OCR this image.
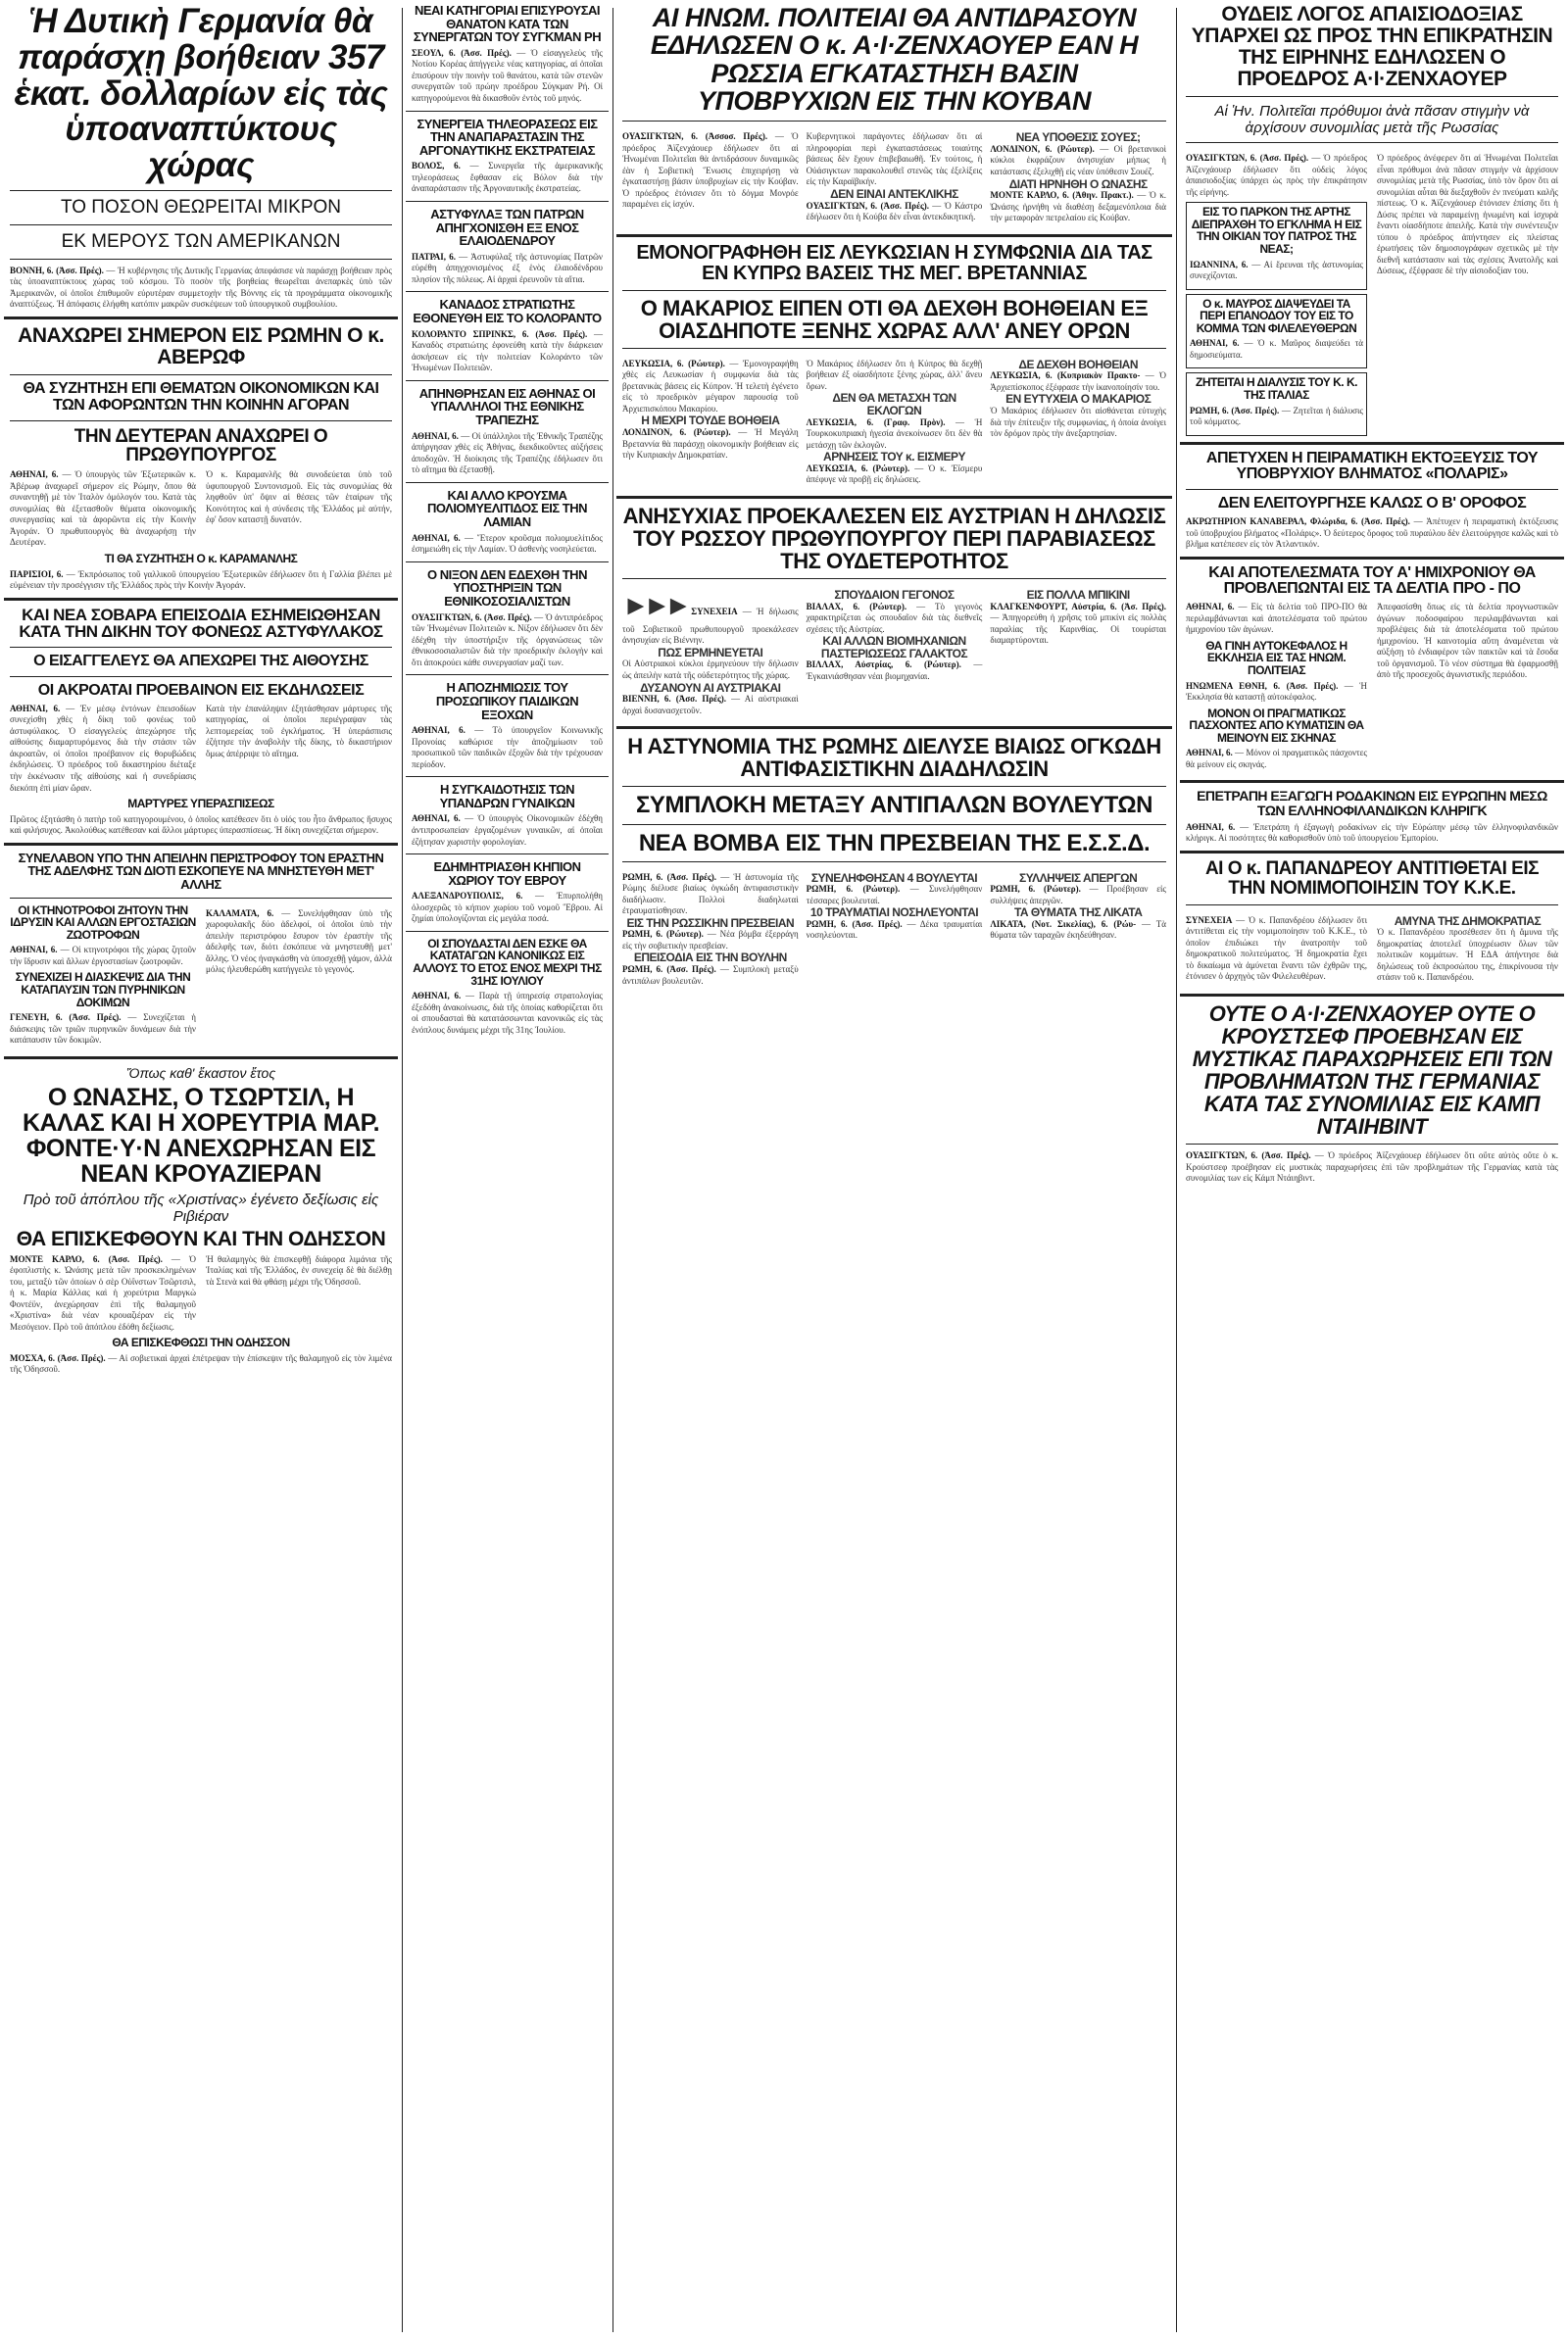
Ἡ Δυτικὴ Γερμανία θὰ παράσχῃ βοήθειαν 357 ἑκατ. δολλαρίων εἰς τὰς ὑποαναπτύκτους χώρας
ΤΟ ΠΟΣΟΝ ΘΕΩΡΕΙΤΑΙ ΜΙΚΡΟΝ
ΕΚ ΜΕΡΟΥΣ ΤΩΝ ΑΜΕΡΙΚΑΝΩΝ
ΒΟΝΝΗ, 6. (Ἀσσ. Πρές). — Ἡ κυβέρνησις τῆς Δυτικῆς Γερμανίας ἀπεφάσισε νὰ παράσχῃ βοήθειαν πρὸς τὰς ὑποαναπτύκτους χώρας τοῦ κόσμου. Τὸ ποσὸν τῆς βοηθείας θεωρεῖται ἀνεπαρκὲς ὑπὸ τῶν Ἀμερικανῶν, οἱ ὁποῖοι ἐπιθυμοῦν εὐρυτέραν συμμετοχὴν τῆς Βόννης εἰς τὰ προγράμματα οἰκονομικῆς ἀναπτύξεως. Ἡ ἀπόφασις ἐλήφθη κατόπιν μακρῶν συσκέψεων τοῦ ὑπουργικοῦ συμβουλίου.
ΑΝΑΧΩΡΕΙ ΣΗΜΕΡΟΝ ΕΙΣ ΡΩΜΗΝ Ο κ. ΑΒΕΡΩΦ
ΘΑ ΣΥΖΗΤΗΣΗ ΕΠΙ ΘΕΜΑΤΩΝ ΟΙΚΟΝΟΜΙΚΩΝ ΚΑΙ ΤΩΝ ΑΦΟΡΩΝΤΩΝ ΤΗΝ ΚΟΙΝΗΝ ΑΓΟΡΑΝ
ΤΗΝ ΔΕΥΤΕΡΑΝ ΑΝΑΧΩΡΕΙ Ο ΠΡΩΘΥΠΟΥΡΓΟΣ
ΑΘΗΝΑΙ, 6. — Ὁ ὑπουργὸς τῶν Ἐξωτερικῶν κ. Ἀβέρωφ ἀναχωρεῖ σήμερον εἰς Ρώμην, ὅπου θὰ συναντηθῇ μὲ τὸν Ἰταλὸν ὁμόλογόν του. Κατὰ τὰς συνομιλίας θὰ ἐξετασθοῦν θέματα οἰκονομικῆς συνεργασίας καὶ τὰ ἀφορῶντα εἰς τὴν Κοινὴν Ἀγοράν. Ὁ πρωθυπουργὸς θὰ ἀναχωρήσῃ τὴν Δευτέραν.
Ὁ κ. Καραμανλῆς θὰ συνοδεύεται ὑπὸ τοῦ ὑφυπουργοῦ Συντονισμοῦ. Εἰς τὰς συνομιλίας θὰ ληφθοῦν ὑπ' ὄψιν αἱ θέσεις τῶν ἑταίρων τῆς Κοινότητος καὶ ἡ σύνδεσις τῆς Ἑλλάδος μὲ αὐτήν, ἐφ' ὅσον καταστῇ δυνατόν.
ΤΙ ΘΑ ΣΥΖΗΤΗΣΗ Ο κ. ΚΑΡΑΜΑΝΛΗΣ
ΠΑΡΙΣΙΟΙ, 6. — Ἐκπρόσωπος τοῦ γαλλικοῦ ὑπουργείου Ἐξωτερικῶν ἐδήλωσεν ὅτι ἡ Γαλλία βλέπει μὲ εὐμένειαν τὴν προσέγγισιν τῆς Ἑλλάδος πρὸς τὴν Κοινὴν Ἀγοράν.
ΚΑΙ ΝΕΑ ΣΟΒΑΡΑ ΕΠΕΙΣΟΔΙΑ ΕΣΗΜΕΙΩΘΗΣΑΝ ΚΑΤΑ ΤΗΝ ΔΙΚΗΝ ΤΟΥ ΦΟΝΕΩΣ ΑΣΤΥΦΥΛΑΚΟΣ
Ο ΕΙΣΑΓΓΕΛΕΥΣ ΘΑ ΑΠΕΧΩΡΕΙ ΤΗΣ ΑΙΘΟΥΣΗΣ
ΟΙ ΑΚΡΟΑΤΑΙ ΠΡΟΕΒΑΙΝΟΝ ΕΙΣ ΕΚΔΗΛΩΣΕΙΣ
ΑΘΗΝΑΙ, 6. — Ἐν μέσῳ ἐντόνων ἐπεισοδίων συνεχίσθη χθὲς ἡ δίκη τοῦ φονέως τοῦ ἀστυφύλακος. Ὁ εἰσαγγελεὺς ἀπεχώρησε τῆς αἰθούσης διαμαρτυρόμενος διὰ τὴν στάσιν τῶν ἀκροατῶν, οἱ ὁποῖοι προέβαινον εἰς θορυβώδεις ἐκδηλώσεις. Ὁ πρόεδρος τοῦ δικαστηρίου διέταξε τὴν ἐκκένωσιν τῆς αἰθούσης καὶ ἡ συνεδρίασις διεκόπη ἐπὶ μίαν ὥραν.
Κατὰ τὴν ἐπανάληψιν ἐξητάσθησαν μάρτυρες τῆς κατηγορίας, οἱ ὁποῖοι περιέγραψαν τὰς λεπτομερείας τοῦ ἐγκλήματος. Ἡ ὑπεράσπισις ἐζήτησε τὴν ἀναβολὴν τῆς δίκης, τὸ δικαστήριον ὅμως ἀπέρριψε τὸ αἴτημα.
ΜΑΡΤΥΡΕΣ ΥΠΕΡΑΣΠΙΣΕΩΣ
Πρῶτος ἐξητάσθη ὁ πατὴρ τοῦ κατηγορουμένου, ὁ ὁποῖος κατέθεσεν ὅτι ὁ υἱός του ἦτο ἄνθρωπος ἥσυχος καὶ φιλήσυχος. Ἀκολούθως κατέθεσαν καὶ ἄλλοι μάρτυρες ὑπερασπίσεως. Ἡ δίκη συνεχίζεται σήμερον.
ΣΥΝΕΛΑΒΟΝ ΥΠΟ ΤΗΝ ΑΠΕΙΛΗΝ ΠΕΡΙΣΤΡΟΦΟΥ ΤΟΝ ΕΡΑΣΤΗΝ ΤΗΣ ΑΔΕΛΦΗΣ ΤΩΝ ΔΙΟΤΙ ΕΣΚΟΠΕΥΕ ΝΑ ΜΝΗΣΤΕΥΘΗ ΜΕΤ' ΑΛΛΗΣ
ΟΙ ΚΤΗΝΟΤΡΟΦΟΙ ΖΗΤΟΥΝ ΤΗΝ ΙΔΡΥΣΙΝ ΚΑΙ ΑΛΛΩΝ ΕΡΓΟΣΤΑΣΙΩΝ ΖΩΟΤΡΟΦΩΝ
ΑΘΗΝΑΙ, 6. — Οἱ κτηνοτρόφοι τῆς χώρας ζητοῦν τὴν ἵδρυσιν καὶ ἄλλων ἐργοστασίων ζωοτροφῶν.
ΣΥΝΕΧΙΖΕΙ Η ΔΙΑΣΚΕΨΙΣ ΔΙΑ ΤΗΝ ΚΑΤΑΠΑΥΣΙΝ ΤΩΝ ΠΥΡΗΝΙΚΩΝ ΔΟΚΙΜΩΝ
ΓΕΝΕΥΗ, 6. (Ἀσσ. Πρές). — Συνεχίζεται ἡ διάσκεψις τῶν τριῶν πυρηνικῶν δυνάμεων διὰ τὴν κατάπαυσιν τῶν δοκιμῶν.
ΚΑΛΑΜΑΤΑ, 6. — Συνελήφθησαν ὑπὸ τῆς χωροφυλακῆς δύο ἀδελφοί, οἱ ὁποῖοι ὑπὸ τὴν ἀπειλὴν περιστρόφου ἔσυρον τὸν ἐραστὴν τῆς ἀδελφῆς των, διότι ἐσκόπευε νὰ μνηστευθῇ μετ' ἄλλης. Ὁ νέος ἠναγκάσθη νὰ ὑποσχεθῇ γάμον, ἀλλὰ μόλις ἠλευθερώθη κατήγγειλε τὸ γεγονός.
Ὅπως καθ' ἕκαστον ἔτος
Ο ΩΝΑΣΗΣ, Ο ΤΣΩΡΤΣΙΛ, Η ΚΑΛΑΣ ΚΑΙ Η ΧΟΡΕΥΤΡΙΑ ΜΑΡ. ΦΟΝΤΕ·Υ·Ν ΑΝΕΧΩΡΗΣΑΝ ΕΙΣ ΝΕΑΝ ΚΡΟΥΑΖΙΕΡΑΝ
Πρὸ τοῦ ἀπόπλου τῆς «Χριστίνας» ἐγένετο δεξίωσις εἰς Ριβιέραν
ΘΑ ΕΠΙΣΚΕΦΘΟΥΝ ΚΑΙ ΤΗΝ ΟΔΗΣΣΟΝ
ΜΟΝΤΕ ΚΑΡΛΟ, 6. (Ἀσσ. Πρές). — Ὁ ἐφοπλιστὴς κ. Ὠνάσης μετὰ τῶν προσκεκλημένων του, μεταξὺ τῶν ὁποίων ὁ σὲρ Οὐΐνστων Τσῶρτσιλ, ἡ κ. Μαρία Κάλλας καὶ ἡ χορεύτρια Μαργκὼ Φοντέϋν, ἀνεχώρησαν ἐπὶ τῆς θαλαμηγοῦ «Χριστίνα» διὰ νέαν κρουαζιέραν εἰς τὴν Μεσόγειον. Πρὸ τοῦ ἀπόπλου ἐδόθη δεξίωσις.
Ἡ θαλαμηγὸς θὰ ἐπισκεφθῇ διάφορα λιμάνια τῆς Ἰταλίας καὶ τῆς Ἑλλάδος, ἐν συνεχείᾳ δὲ θὰ διέλθῃ τὰ Στενὰ καὶ θὰ φθάσῃ μέχρι τῆς Ὀδησσοῦ.
ΘΑ ΕΠΙΣΚΕΦΘΩΣΙ ΤΗΝ ΟΔΗΣΣΟΝ
ΜΟΣΧΑ, 6. (Ἀσσ. Πρές). — Αἱ σοβιετικαὶ ἀρχαὶ ἐπέτρεψαν τὴν ἐπίσκεψιν τῆς θαλαμηγοῦ εἰς τὸν λιμένα τῆς Ὀδησσοῦ.
ΝΕΑΙ ΚΑΤΗΓΟΡΙΑΙ ΕΠΙΣΥΡΟΥΣΑΙ ΘΑΝΑΤΟΝ ΚΑΤΑ ΤΩΝ ΣΥΝΕΡΓΑΤΩΝ ΤΟΥ ΣΥΓΚΜΑΝ ΡΗ
ΣΕΟΥΛ, 6. (Ἀσσ. Πρές). — Ὁ εἰσαγγελεὺς τῆς Νοτίου Κορέας ἀπήγγειλε νέας κατηγορίας, αἱ ὁποῖαι ἐπισύρουν τὴν ποινὴν τοῦ θανάτου, κατὰ τῶν στενῶν συνεργατῶν τοῦ πρώην προέδρου Σύγκμαν Ρή. Οἱ κατηγορούμενοι θὰ δικασθοῦν ἐντὸς τοῦ μηνός.
ΣΥΝΕΡΓΕΙΑ ΤΗΛΕΟΡΑΣΕΩΣ ΕΙΣ ΤΗΝ ΑΝΑΠΑΡΑΣΤΑΣΙΝ ΤΗΣ ΑΡΓΟΝΑΥΤΙΚΗΣ ΕΚΣΤΡΑΤΕΙΑΣ
ΒΟΛΟΣ, 6. — Συνεργεῖα τῆς ἀμερικανικῆς τηλεοράσεως ἔφθασαν εἰς Βόλον διὰ τὴν ἀναπαράστασιν τῆς Ἀργοναυτικῆς ἐκστρατείας.
ΑΣΤΥΦΥΛΑΞ ΤΩΝ ΠΑΤΡΩΝ ΑΠΗΓΧΟΝΙΣΘΗ ΕΞ ΕΝΟΣ ΕΛΑΙΟΔΕΝΔΡΟΥ
ΠΑΤΡΑΙ, 6. — Ἀστυφύλαξ τῆς ἀστυνομίας Πατρῶν εὑρέθη ἀπηγχονισμένος ἐξ ἑνὸς ἐλαιοδένδρου πλησίον τῆς πόλεως. Αἱ ἀρχαὶ ἐρευνοῦν τὰ αἴτια.
ΚΑΝΑΔΟΣ ΣΤΡΑΤΙΩΤΗΣ ΕΘΟΝΕΥΘΗ ΕΙΣ ΤΟ ΚΟΛΟΡΑΝΤΟ
ΚΟΛΟΡΑΝΤΟ ΣΠΡΙΝΚΣ, 6. (Ἀσσ. Πρές). — Καναδὸς στρατιώτης ἐφονεύθη κατὰ τὴν διάρκειαν ἀσκήσεων εἰς τὴν πολιτείαν Κολοράντο τῶν Ἡνωμένων Πολιτειῶν.
ΑΠΗΝΘΡΗΣΑΝ ΕΙΣ ΑΘΗΝΑΣ ΟΙ ΥΠΑΛΛΗΛΟΙ ΤΗΣ ΕΘΝΙΚΗΣ ΤΡΑΠΕΖΗΣ
ΑΘΗΝΑΙ, 6. — Οἱ ὑπάλληλοι τῆς Ἐθνικῆς Τραπέζης ἀπήργησαν χθὲς εἰς Ἀθήνας, διεκδικοῦντες αὐξήσεις ἀποδοχῶν. Ἡ διοίκησις τῆς Τραπέζης ἐδήλωσεν ὅτι τὸ αἴτημα θὰ ἐξετασθῇ.
ΚΑΙ ΑΛΛΟ ΚΡΟΥΣΜΑ ΠΟΛΙΟΜΥΕΛΙΤΙΔΟΣ ΕΙΣ ΤΗΝ ΛΑΜΙΑΝ
ΑΘΗΝΑΙ, 6. — Ἕτερον κροῦσμα πολιομυελίτιδος ἐσημειώθη εἰς τὴν Λαμίαν. Ὁ ἀσθενὴς νοσηλεύεται.
Ο ΝΙΞΟΝ ΔΕΝ ΕΔΕΧΘΗ ΤΗΝ ΥΠΟΣΤΗΡΙΞΙΝ ΤΩΝ ΕΘΝΙΚΟΣΟΣΙΑΛΙΣΤΩΝ
ΟΥΑΣΙΓΚΤΩΝ, 6. (Ἀσσ. Πρές). — Ὁ ἀντιπρόεδρος τῶν Ἡνωμένων Πολιτειῶν κ. Νίξον ἐδήλωσεν ὅτι δὲν ἐδέχθη τὴν ὑποστήριξιν τῆς ὀργανώσεως τῶν ἐθνικοσοσιαλιστῶν διὰ τὴν προεδρικὴν ἐκλογὴν καὶ ὅτι ἀποκρούει κάθε συνεργασίαν μαζί των.
Η ΑΠΟΖΗΜΙΩΣΙΣ ΤΟΥ ΠΡΟΣΩΠΙΚΟΥ ΠΑΙΔΙΚΩΝ ΕΞΟΧΩΝ
ΑΘΗΝΑΙ, 6. — Τὸ ὑπουργεῖον Κοινωνικῆς Προνοίας καθώρισε τὴν ἀποζημίωσιν τοῦ προσωπικοῦ τῶν παιδικῶν ἐξοχῶν διὰ τὴν τρέχουσαν περίοδον.
Η ΣΥΓΚΑΙΔΟΤΗΣΙΣ ΤΩΝ ΥΠΑΝΔΡΩΝ ΓΥΝΑΙΚΩΝ
ΑΘΗΝΑΙ, 6. — Ὁ ὑπουργὸς Οἰκονομικῶν ἐδέχθη ἀντιπροσωπείαν ἐργαζομένων γυναικῶν, αἱ ὁποῖαι ἐζήτησαν χωριστὴν φορολογίαν.
ΕΔΗΜΗΤΡΙΑΣΘΗ ΚΗΠΙΟΝ ΧΩΡΙΟΥ ΤΟΥ ΕΒΡΟΥ
ΑΛΕΞΑΝΔΡΟΥΠΟΛΙΣ, 6. — Ἐπυρπολήθη ὁλοσχερῶς τὸ κήπιον χωρίου τοῦ νομοῦ Ἕβρου. Αἱ ζημίαι ὑπολογίζονται εἰς μεγάλα ποσά.
ΟΙ ΣΠΟΥΔΑΣΤΑΙ ΔΕΝ ΕΣΚΕ ΘΑ ΚΑΤΑΤΑΓΩΝ ΚΑΝΟΝΙΚΩΣ ΕΙΣ ΑΛΛΟΥΣ ΤΟ ΕΤΟΣ ΕΝΟΣ ΜΕΧΡΙ ΤΗΣ 31ΗΣ ΙΟΥΛΙΟΥ
ΑΘΗΝΑΙ, 6. — Παρὰ τῇ ὑπηρεσίᾳ στρατολογίας ἐξεδόθη ἀνακοίνωσις, διὰ τῆς ὁποίας καθορίζεται ὅτι οἱ σπουδασταὶ θὰ κατατάσσωνται κανονικῶς εἰς τὰς ἐνόπλους δυνάμεις μέχρι τῆς 31ης Ἰουλίου.
ΑΙ ΗΝΩΜ. ΠΟΛΙΤΕΙΑΙ ΘΑ ΑΝΤΙΔΡΑΣΟΥΝ ΕΔΗΛΩΣΕΝ Ο κ. Α·Ι·ΖΕΝΧΑΟΥΕΡ ΕΑΝ Η ΡΩΣΣΙΑ ΕΓΚΑΤΑΣΤΗΣΗ ΒΑΣΙΝ ΥΠΟΒΡΥΧΙΩΝ ΕΙΣ ΤΗΝ ΚΟΥΒΑΝ
ΟΥΑΣΙΓΚΤΩΝ, 6. (Ἀσσοσ. Πρές). — Ὁ πρόεδρος Ἀϊζενχάουερ ἐδήλωσεν ὅτι αἱ Ἡνωμέναι Πολιτεῖαι θὰ ἀντιδράσουν δυναμικῶς ἐὰν ἡ Σοβιετικὴ Ἕνωσις ἐπιχειρήσῃ νὰ ἐγκαταστήσῃ βάσιν ὑποβρυχίων εἰς τὴν Κούβαν. Ὁ πρόεδρος ἐτόνισεν ὅτι τὸ δόγμα Μονρόε παραμένει εἰς ἰσχύν.
Κυβερνητικοὶ παράγοντες ἐδήλωσαν ὅτι αἱ πληροφορίαι περὶ ἐγκαταστάσεως τοιαύτης βάσεως δὲν ἔχουν ἐπιβεβαιωθῆ. Ἐν τούτοις, ἡ Οὐάσιγκτων παρακολουθεῖ στενῶς τὰς ἐξελίξεις εἰς τὴν Καραϊβικήν.
ΔΕΝ ΕΙΝΑΙ ΑΝΤΕΚΛΙΚΗΣ
ΟΥΑΣΙΓΚΤΩΝ, 6. (Ἀσσ. Πρές). — Ὁ Κάστρο ἐδήλωσεν ὅτι ἡ Κούβα δὲν εἶναι ἀντεκδικητική.
ΝΕΑ ΥΠΟΘΕΣΙΣ ΣΟΥΕΣ;
ΛΟΝΔΙΝΟΝ, 6. (Ρώυτερ). — Οἱ βρετανικοὶ κύκλοι ἐκφράζουν ἀνησυχίαν μήπως ἡ κατάστασις ἐξελιχθῇ εἰς νέαν ὑπόθεσιν Σουέζ.
ΔΙΑΤΙ ΗΡΝΗΘΗ Ο ΩΝΑΣΗΣ
ΜΟΝΤΕ ΚΑΡΛΟ, 6. (Ἀθην. Πρακτ.). — Ὁ κ. Ὠνάσης ἠρνήθη νὰ διαθέσῃ δεξαμενόπλοια διὰ τὴν μεταφορὰν πετρελαίου εἰς Κούβαν.
ΕΜΟΝΟΓΡΑΦΗΘΗ ΕΙΣ ΛΕΥΚΩΣΙΑΝ Η ΣΥΜΦΩΝΙΑ ΔΙΑ ΤΑΣ ΕΝ ΚΥΠΡΩ ΒΑΣΕΙΣ ΤΗΣ ΜΕΓ. ΒΡΕΤΑΝΝΙΑΣ
Ο ΜΑΚΑΡΙΟΣ ΕΙΠΕΝ ΟΤΙ ΘΑ ΔΕΧΘΗ ΒΟΗΘΕΙΑΝ ΕΞ ΟΙΑΣΔΗΠΟΤΕ ΞΕΝΗΣ ΧΩΡΑΣ ΑΛΛ' ΑΝΕΥ ΟΡΩΝ
ΛΕΥΚΩΣΙΑ, 6. (Ρώυτερ). — Ἐμονογραφήθη χθὲς εἰς Λευκωσίαν ἡ συμφωνία διὰ τὰς βρετανικὰς βάσεις εἰς Κύπρον. Ἡ τελετὴ ἐγένετο εἰς τὸ προεδρικὸν μέγαρον παρουσίᾳ τοῦ Ἀρχιεπισκόπου Μακαρίου.
Η ΜΕΧΡΙ ΤΟΥΔΕ ΒΟΗΘΕΙΑ
ΛΟΝΔΙΝΟΝ, 6. (Ρώυτερ). — Ἡ Μεγάλη Βρεταννία θὰ παράσχῃ οἰκονομικὴν βοήθειαν εἰς τὴν Κυπριακὴν Δημοκρατίαν.
Ὁ Μακάριος ἐδήλωσεν ὅτι ἡ Κύπρος θὰ δεχθῇ βοήθειαν ἐξ οἱασδήποτε ξένης χώρας, ἀλλ' ἄνευ ὅρων.
ΔΕΝ ΘΑ ΜΕΤΑΣΧΗ ΤΩΝ ΕΚΛΟΓΩΝ
ΛΕΥΚΩΣΙΑ, 6. (Γραφ. Πρὸν). — Ἡ Τουρκοκυπριακὴ ἡγεσία ἀνεκοίνωσεν ὅτι δὲν θὰ μετάσχῃ τῶν ἐκλογῶν.
ΑΡΝΗΣΕΙΣ ΤΟΥ κ. ΕΙΣΜΕΡΥ
ΛΕΥΚΩΣΙΑ, 6. (Ρώυτερ). — Ὁ κ. Ἐΐσμερυ ἀπέφυγε νὰ προβῇ εἰς δηλώσεις.
ΔΕ ΔΕΧΘΗ ΒΟΗΘΕΙΑΝ
ΛΕΥΚΩΣΙΑ, 6. (Κυπριακὸν Πρακτο- — Ὁ Ἀρχιεπίσκοπος ἐξέφρασε τὴν ἱκανοποίησίν του.
ΕΝ ΕΥΤΥΧΕΙΑ Ο ΜΑΚΑΡΙΟΣ
Ὁ Μακάριος ἐδήλωσεν ὅτι αἰσθάνεται εὐτυχὴς διὰ τὴν ἐπίτευξιν τῆς συμφωνίας, ἡ ὁποία ἀνοίγει τὸν δρόμον πρὸς τὴν ἀνεξαρτησίαν.
ΑΝΗΣΥΧΙΑΣ ΠΡΟΕΚΑΛΕΣΕΝ ΕΙΣ ΑΥΣΤΡΙΑΝ Η ΔΗΛΩΣΙΣ ΤΟΥ ΡΩΣΣΟΥ ΠΡΩΘΥΠΟΥΡΓΟΥ ΠΕΡΙ ΠΑΡΑΒΙΑΣΕΩΣ ΤΗΣ ΟΥΔΕΤΕΡΟΤΗΤΟΣ
►►► ΣΥΝΕΧΕΙΑ — Ἡ δήλωσις τοῦ Σοβιετικοῦ πρωθυπουργοῦ προεκάλεσεν ἀνησυχίαν εἰς Βιέννην.
ΠΩΣ ΕΡΜΗΝΕΥΕΤΑΙ
Οἱ Αὐστριακοὶ κύκλοι ἑρμηνεύουν τὴν δήλωσιν ὡς ἀπειλὴν κατὰ τῆς οὐδετερότητος τῆς χώρας.
ΔΥΣΑΝΟΥΝ ΑΙ ΑΥΣΤΡΙΑΚΑΙ
ΒΙΕΝΝΗ, 6. (Ἀσσ. Πρές). — Αἱ αὐστριακαὶ ἀρχαὶ δυσανασχετοῦν.
ΣΠΟΥΔΑΙΟΝ ΓΕΓΟΝΟΣ
ΒΙΑΛΑΧ, 6. (Ρώυτερ). — Τὸ γεγονὸς χαρακτηρίζεται ὡς σπουδαῖον διὰ τὰς διεθνεῖς σχέσεις τῆς Αὐστρίας.
ΚΑΙ ΑΛΛΩΝ ΒΙΟΜΗΧΑΝΙΩΝ ΠΑΣΤΕΡΙΩΣΕΩΣ ΓΑΛΑΚΤΟΣ
ΒΙΛΛΑΧ, Αὐστρίας, 6. (Ρώυτερ). — Ἐγκαινιάσθησαν νέαι βιομηχανίαι.
ΕΙΣ ΠΟΛΛΑ ΜΠΙΚΙΝΙ
ΚΛΑΓΚΕΝΦΟΥΡΤ, Αὐστρία, 6. (Ἀσ. Πρές). — Ἀπηγορεύθη ἡ χρῆσις τοῦ μπικίνι εἰς πολλὰς παραλίας τῆς Καρινθίας. Οἱ τουρίσται διαμαρτύρονται.
Η ΑΣΤΥΝΟΜΙΑ ΤΗΣ ΡΩΜΗΣ ΔΙΕΛΥΣΕ ΒΙΑΙΩΣ ΟΓΚΩΔΗ ΑΝΤΙΦΑΣΙΣΤΙΚΗΝ ΔΙΑΔΗΛΩΣΙΝ
ΣΥΜΠΛΟΚΗ ΜΕΤΑΞΥ ΑΝΤΙΠΑΛΩΝ ΒΟΥΛΕΥΤΩΝ
ΝΕΑ ΒΟΜΒΑ ΕΙΣ ΤΗΝ ΠΡΕΣΒΕΙΑΝ ΤΗΣ Ε.Σ.Σ.Δ.
ΡΩΜΗ, 6. (Ἀσσ. Πρές). — Ἡ ἀστυνομία τῆς Ρώμης διέλυσε βιαίως ὀγκώδη ἀντιφασιστικὴν διαδήλωσιν. Πολλοὶ διαδηλωταὶ ἐτραυματίσθησαν.
ΕΙΣ ΤΗΝ ΡΩΣΣΙΚΗΝ ΠΡΕΣΒΕΙΑΝ
ΡΩΜΗ, 6. (Ρώυτερ). — Νέα βόμβα ἐξερράγη εἰς τὴν σοβιετικὴν πρεσβείαν.
ΕΠΕΙΣΟΔΙΑ ΕΙΣ ΤΗΝ ΒΟΥΛΗΝ
ΡΩΜΗ, 6. (Ἀσσ. Πρές). — Συμπλοκὴ μεταξὺ ἀντιπάλων βουλευτῶν.
ΣΥΝΕΛΗΦΘΗΣΑΝ 4 ΒΟΥΛΕΥΤΑΙ
ΡΩΜΗ, 6. (Ρώυτερ). — Συνελήφθησαν τέσσαρες βουλευταί.
10 ΤΡΑΥΜΑΤΙΑΙ ΝΟΣΗΛΕΥΟΝΤΑΙ
ΡΩΜΗ, 6. (Ἀσσ. Πρές). — Δέκα τραυματίαι νοσηλεύονται.
ΣΥΛΛΗΨΕΙΣ ΑΠΕΡΓΩΝ
ΡΩΜΗ, 6. (Ρώυτερ). — Προέβησαν εἰς συλλήψεις ἀπεργῶν.
ΤΑ ΘΥΜΑΤΑ ΤΗΣ ΛΙΚΑΤΑ
ΛΙΚΑΤΑ, (Νοτ. Σικελίας), 6. (Ρώυ- — Τὰ θύματα τῶν ταραχῶν ἐκηδεύθησαν.
ΟΥΔΕΙΣ ΛΟΓΟΣ ΑΠΑΙΣΙΟΔΟΞΙΑΣ ΥΠΑΡΧΕΙ ΩΣ ΠΡΟΣ ΤΗΝ ΕΠΙΚΡΑΤΗΣΙΝ ΤΗΣ ΕΙΡΗΝΗΣ ΕΔΗΛΩΣΕΝ Ο ΠΡΟΕΔΡΟΣ Α·Ι·ΖΕΝΧΑΟΥΕΡ
Αἱ Ἡν. Πολιτεῖαι πρόθυμοι ἀνὰ πᾶσαν στιγμὴν νὰ ἀρχίσουν συνομιλίας μετὰ τῆς Ρωσσίας
ΟΥΑΣΙΓΚΤΩΝ, 6. (Ἀσσ. Πρές). — Ὁ πρόεδρος Ἀϊζενχάουερ ἐδήλωσεν ὅτι οὐδεὶς λόγος ἀπαισιοδοξίας ὑπάρχει ὡς πρὸς τὴν ἐπικράτησιν τῆς εἰρήνης.
ΕΙΣ ΤΟ ΠΑΡΚΟΝ ΤΗΣ ΑΡΤΗΣ ΔΙΕΠΡΑΧΘΗ ΤΟ ΕΓΚΛΗΜΑ Η ΕΙΣ ΤΗΝ ΟΙΚΙΑΝ ΤΟΥ ΠΑΤΡΟΣ ΤΗΣ ΝΕΑΣ;
ΙΩΑΝΝΙΝΑ, 6. — Αἱ ἔρευναι τῆς ἀστυνομίας συνεχίζονται.
Ο κ. ΜΑΥΡΟΣ ΔΙΑΨΕΥΔΕΙ ΤΑ ΠΕΡΙ ΕΠΑΝΟΔΟΥ ΤΟΥ ΕΙΣ ΤΟ ΚΟΜΜΑ ΤΩΝ ΦΙΛΕΛΕΥΘΕΡΩΝ
ΑΘΗΝΑΙ, 6. — Ὁ κ. Μαῦρος διαψεύδει τὰ δημοσιεύματα.
ΖΗΤΕΙΤΑΙ Η ΔΙΑΛΥΣΙΣ ΤΟΥ Κ. Κ. ΤΗΣ ΙΤΑΛΙΑΣ
ΡΩΜΗ, 6. (Ἀσσ. Πρές). — Ζητεῖται ἡ διάλυσις τοῦ κόμματος.
Ὁ πρόεδρος ἀνέφερεν ὅτι αἱ Ἡνωμέναι Πολιτεῖαι εἶναι πρόθυμοι ἀνὰ πᾶσαν στιγμὴν νὰ ἀρχίσουν συνομιλίας μετὰ τῆς Ρωσσίας, ὑπὸ τὸν ὅρον ὅτι αἱ συνομιλίαι αὗται θὰ διεξαχθοῦν ἐν πνεύματι καλῆς πίστεως. Ὁ κ. Ἀϊζενχάουερ ἐτόνισεν ἐπίσης ὅτι ἡ Δύσις πρέπει νὰ παραμείνῃ ἡνωμένη καὶ ἰσχυρὰ ἔναντι οἱασδήποτε ἀπειλῆς. Κατὰ τὴν συνέντευξιν τύπου ὁ πρόεδρος ἀπήντησεν εἰς πλείστας ἐρωτήσεις τῶν δημοσιογράφων σχετικῶς μὲ τὴν διεθνῆ κατάστασιν καὶ τὰς σχέσεις Ἀνατολῆς καὶ Δύσεως, ἐξέφρασε δὲ τὴν αἰσιοδοξίαν του.
ΑΠΕΤΥΧΕΝ Η ΠΕΙΡΑΜΑΤΙΚΗ ΕΚΤΟΞΕΥΣΙΣ ΤΟΥ ΥΠΟΒΡΥΧΙΟΥ ΒΛΗΜΑΤΟΣ «ΠΟΛΑΡΙΣ»
ΔΕΝ ΕΛΕΙΤΟΥΡΓΗΣΕ ΚΑΛΩΣ Ο Β' ΟΡΟΦΟΣ
ΑΚΡΩΤΗΡΙΟΝ ΚΑΝΑΒΕΡΑΛ, Φλώριδα, 6. (Ἀσσ. Πρές). — Ἀπέτυχεν ἡ πειραματικὴ ἐκτόξευσις τοῦ ὑποβρυχίου βλήματος «Πολάρις». Ὁ δεύτερος ὄροφος τοῦ πυραύλου δὲν ἐλειτούργησε καλῶς καὶ τὸ βλῆμα κατέπεσεν εἰς τὸν Ἀτλαντικόν.
ΚΑΙ ΑΠΟΤΕΛΕΣΜΑΤΑ ΤΟΥ Α' ΗΜΙΧΡΟΝΙΟΥ ΘΑ ΠΡΟΒΛΕΠΩΝΤΑΙ ΕΙΣ ΤΑ ΔΕΛΤΙΑ ΠΡΟ - ΠΟ
ΑΘΗΝΑΙ, 6. — Εἰς τὰ δελτία τοῦ ΠΡΟ-ΠΟ θὰ περιλαμβάνωνται καὶ ἀποτελέσματα τοῦ πρώτου ἡμιχρονίου τῶν ἀγώνων.
ΘΑ ΓΙΝΗ ΑΥΤΟΚΕΦΑΛΟΣ Η ΕΚΚΛΗΣΙΑ ΕΙΣ ΤΑΣ ΗΝΩΜ. ΠΟΛΙΤΕΙΑΣ
ΗΝΩΜΕΝΑ ΕΘΝΗ, 6. (Ἀσσ. Πρές). — Ἡ Ἐκκλησία θὰ καταστῇ αὐτοκέφαλος.
ΜΟΝΟΝ ΟΙ ΠΡΑΓΜΑΤΙΚΩΣ ΠΑΣΧΟΝΤΕΣ ΑΠΟ ΚΥΜΑΤΙΣΙΝ ΘΑ ΜΕΙΝΟΥΝ ΕΙΣ ΣΚΗΝΑΣ
ΑΘΗΝΑΙ, 6. — Μόνον οἱ πραγματικῶς πάσχοντες θὰ μείνουν εἰς σκηνάς.
Ἀπεφασίσθη ὅπως εἰς τὰ δελτία προγνωστικῶν ἀγώνων ποδοσφαίρου περιλαμβάνωνται καὶ προβλέψεις διὰ τὰ ἀποτελέσματα τοῦ πρώτου ἡμιχρονίου. Ἡ καινοτομία αὕτη ἀναμένεται νὰ αὐξήσῃ τὸ ἐνδιαφέρον τῶν παικτῶν καὶ τὰ ἔσοδα τοῦ ὀργανισμοῦ. Τὸ νέον σύστημα θὰ ἐφαρμοσθῇ ἀπὸ τῆς προσεχοῦς ἀγωνιστικῆς περιόδου.
ΕΠΕΤΡΑΠΗ ΕΞΑΓΩΓΗ ΡΟΔΑΚΙΝΩΝ ΕΙΣ ΕΥΡΩΠΗΝ ΜΕΣΩ ΤΩΝ ΕΛΛΗΝΟΦΙΛΑΝΔΙΚΩΝ ΚΛΗΡΙΓΚ
ΑΘΗΝΑΙ, 6. — Ἐπετράπη ἡ ἐξαγωγὴ ροδακίνων εἰς τὴν Εὐρώπην μέσῳ τῶν ἑλληνοφιλανδικῶν κλήριγκ. Αἱ ποσότητες θὰ καθορισθοῦν ὑπὸ τοῦ ὑπουργείου Ἐμπορίου.
ΑΙ Ο κ. ΠΑΠΑΝΔΡΕΟΥ ΑΝΤΙΤΙΘΕΤΑΙ ΕΙΣ ΤΗΝ ΝΟΜΙΜΟΠΟΙΗΣΙΝ ΤΟΥ Κ.Κ.Ε.
ΣΥΝΕΧΕΙΑ — Ὁ κ. Παπανδρέου ἐδήλωσεν ὅτι ἀντιτίθεται εἰς τὴν νομιμοποίησιν τοῦ Κ.Κ.Ε., τὸ ὁποῖον ἐπιδιώκει τὴν ἀνατροπὴν τοῦ δημοκρατικοῦ πολιτεύματος. Ἡ δημοκρατία ἔχει τὸ δικαίωμα νὰ ἀμύνεται ἔναντι τῶν ἐχθρῶν της, ἐτόνισεν ὁ ἀρχηγὸς τῶν Φιλελευθέρων.
ΑΜΥΝΑ ΤΗΣ ΔΗΜΟΚΡΑΤΙΑΣ
Ὁ κ. Παπανδρέου προσέθεσεν ὅτι ἡ ἄμυνα τῆς δημοκρατίας ἀποτελεῖ ὑποχρέωσιν ὅλων τῶν πολιτικῶν κομμάτων. Ἡ ΕΔΑ ἀπήντησε διὰ δηλώσεως τοῦ ἐκπροσώπου της, ἐπικρίνουσα τὴν στάσιν τοῦ κ. Παπανδρέου.
ΟΥΤΕ Ο Α·Ι·ΖΕΝΧΑΟΥΕΡ ΟΥΤΕ Ο ΚΡΟΥΣΤΣΕΦ ΠΡΟΕΒΗΣΑΝ ΕΙΣ ΜΥΣΤΙΚΑΣ ΠΑΡΑΧΩΡΗΣΕΙΣ ΕΠΙ ΤΩΝ ΠΡΟΒΛΗΜΑΤΩΝ ΤΗΣ ΓΕΡΜΑΝΙΑΣ ΚΑΤΑ ΤΑΣ ΣΥΝΟΜΙΛΙΑΣ ΕΙΣ ΚΑΜΠ ΝΤΑΙΗΒΙΝΤ
ΟΥΑΣΙΓΚΤΩΝ, 6. (Ἀσσ. Πρές). — Ὁ πρόεδρος Ἀϊζενχάουερ ἐδήλωσεν ὅτι οὔτε αὐτὸς οὔτε ὁ κ. Κρούστσεφ προέβησαν εἰς μυστικὰς παραχωρήσεις ἐπὶ τῶν προβλημάτων τῆς Γερμανίας κατὰ τὰς συνομιλίας των εἰς Κάμπ Ντάιηβιντ.
